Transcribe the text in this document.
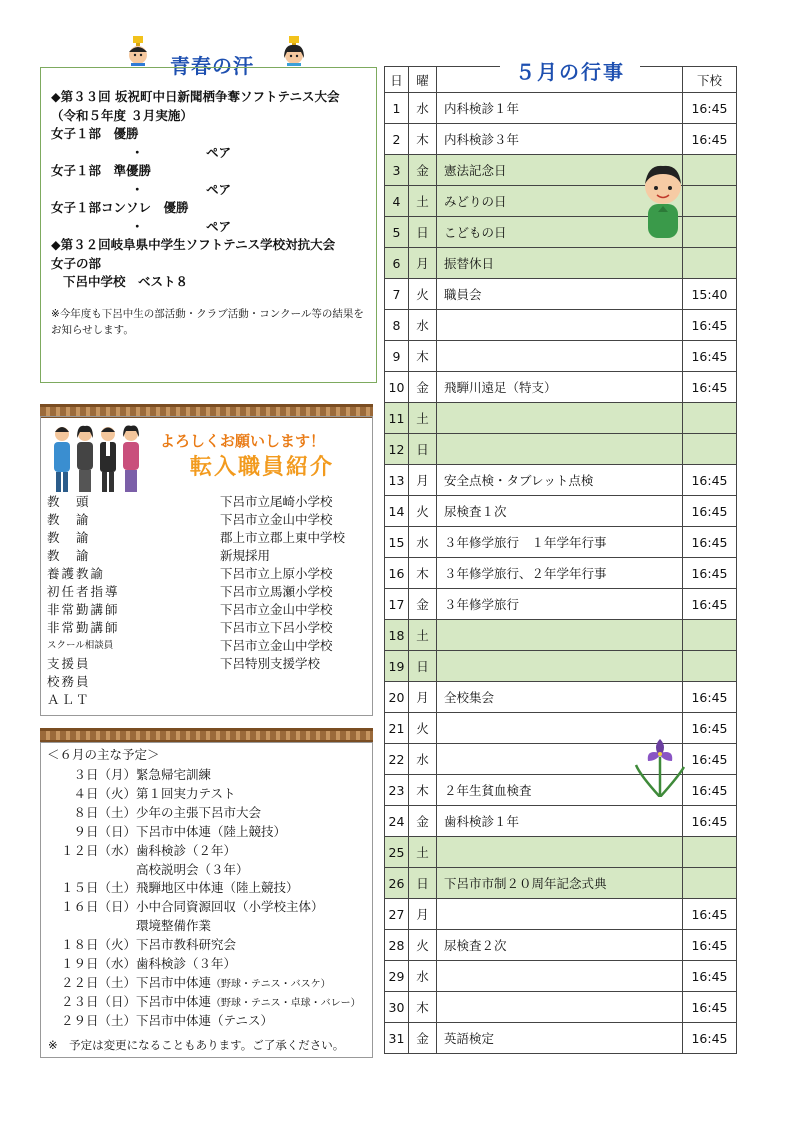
青春の汗
◆第３３回 坂祝町中日新聞栖争奪ソフトテニス大会
（令和５年度 ３月実施）
女子１部　優勝
・　　　　　ペア
女子１部　準優勝
・　　　　　ペア
女子１部コンソレ　優勝
・　　　　　ペア
◆第３２回岐阜県中学生ソフトテニス学校対抗大会
女子の部
下呂中学校　ベスト８
※今年度も下呂中生の部活動・クラブ活動・コンクール等の結果をお知らせします。
よろしくお願いします！
転入職員紹介
教　頭	下呂市立尾崎小学校
教　諭	下呂市立金山中学校
教　諭	郡上市立郡上東中学校
教　諭	新規採用
養護教諭	下呂市立上原小学校
初任者指導	下呂市立馬瀬小学校
非常勤講師	下呂市立金山中学校
非常勤講師	下呂市立下呂小学校
スクール相談員	下呂市立金山中学校
支援員	下呂特別支援学校
校務員
ＡＬＴ
＜６月の主な予定＞
３日（月）緊急帰宅訓練
４日（火）第１回実力テスト
８日（土）少年の主張下呂市大会
９日（日）下呂市中体連（陸上競技）
１２日（水）歯科検診（２年）
高校説明会（３年）
１５日（土）飛騨地区中体連（陸上競技）
１６日（日）小中合同資源回収（小学校主体）
環境整備作業
１８日（火）下呂市教科研究会
１９日（水）歯科検診（３年）
２２日（土）下呂市中体連（野球・テニス・バスケ）
２３日（日）下呂市中体連（野球・テニス・卓球・バレー）
２９日（土）下呂市中体連（テニス）
※　予定は変更になることもあります。ご了承ください。
日	曜		下校
1	水	内科検診１年	16:45
2	木	内科検診３年	16:45
3	金	憲法記念日	
4	土	みどりの日	
5	日	こどもの日	
6	月	振替休日	
7	火	職員会	15:40
8	水		16:45
9	木		16:45
10	金	飛騨川遠足（特支）	16:45
11	土		
12	日		
13	月	安全点検・タブレット点検	16:45
14	火	尿検査１次	16:45
15	水	３年修学旅行　１年学年行事	16:45
16	木	３年修学旅行、２年学年行事	16:45
17	金	３年修学旅行	16:45
18	土		
19	日		
20	月	全校集会	16:45
21	火		16:45
22	水		16:45
23	木	２年生貧血検査	16:45
24	金	歯科検診１年	16:45
25	土		
26	日	下呂市市制２０周年記念式典	
27	月		16:45
28	火	尿検査２次	16:45
29	水		16:45
30	木		16:45
31	金	英語検定	16:45
５月の行事
